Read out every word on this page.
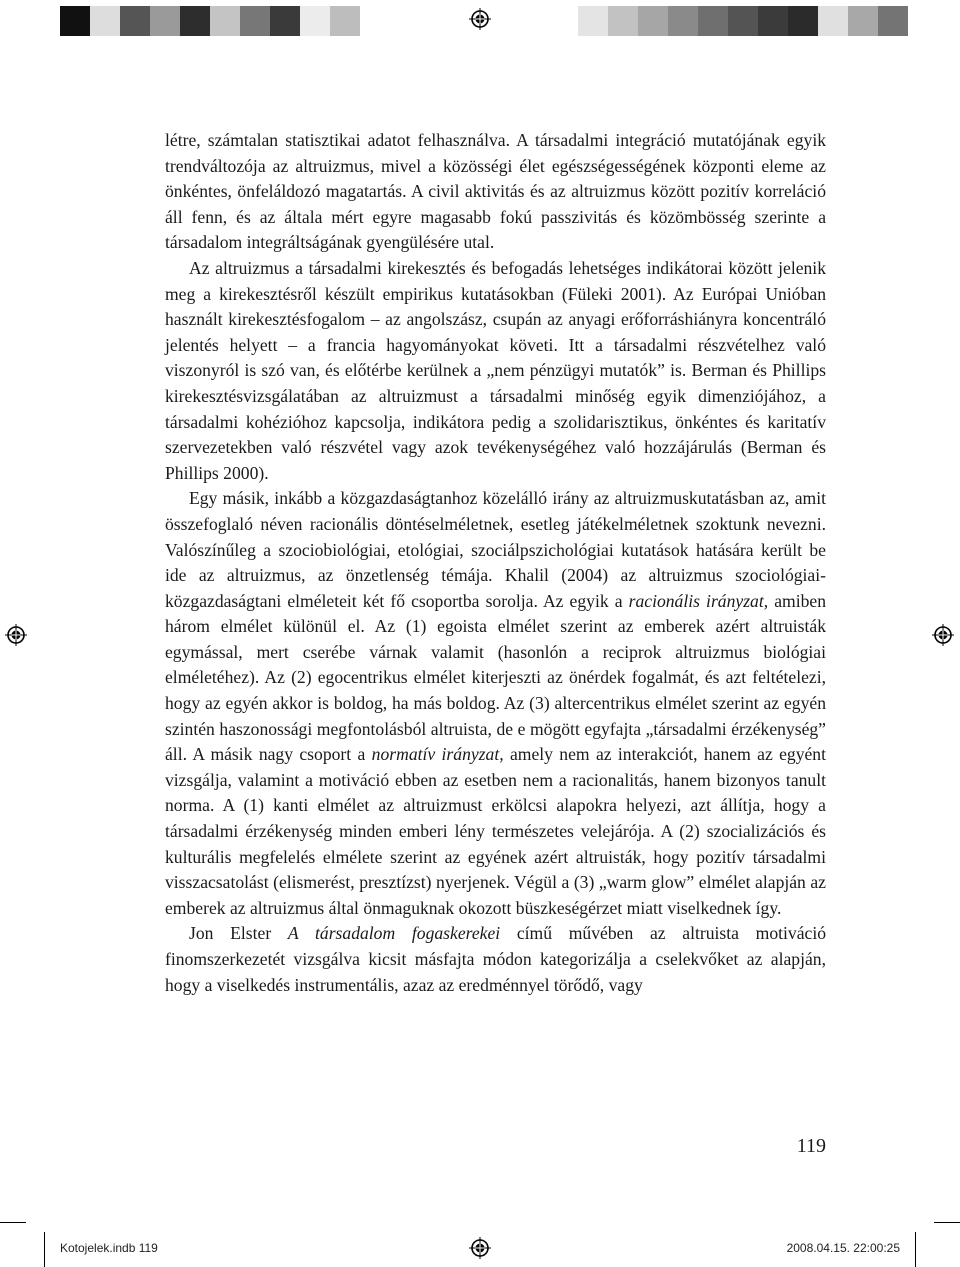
létre, számtalan statisztikai adatot felhasználva. A társadalmi integráció mutatójának egyik trendváltozója az altruizmus, mivel a közösségi élet egészségességének központi eleme az önkéntes, önfeláldozó magatartás. A civil aktivitás és az altruizmus között pozitív korreláció áll fenn, és az általa mért egyre magasabb fokú passzivitás és közömbösség szerinte a társadalom integráltságának gyengülésére utal.

Az altruizmus a társadalmi kirekesztés és befogadás lehetséges indikátorai között jelenik meg a kirekesztésről készült empirikus kutatásokban (Füleki 2001). Az Európai Unióban használt kirekesztésfogalom – az angolszász, csupán az anyagi erőforráshiányra koncentráló jelentés helyett – a francia hagyományokat követi. Itt a társadalmi részvételhez való viszonyról is szó van, és előtérbe kerülnek a „nem pénzügyi mutatók” is. Berman és Phillips kirekesztésvizsgálatában az altruizmust a társadalmi minőség egyik dimenziójához, a társadalmi kohézióhoz kapcsolja, indikátora pedig a szolidarisztikus, önkéntes és karitatív szervezetekben való részvétel vagy azok tevékenységéhez való hozzájárulás (Berman és Phillips 2000).

Egy másik, inkább a közgazdaságtanhoz közelálló irány az altruizmuskutatásban az, amit összefoglaló néven racionális döntéselméletnek, esetleg játékelméletnek szoktunk nevezni. Valószínűleg a szociobiológiai, etológiai, szociálpszichológiai kutatások hatására került be ide az altruizmus, az önzetlenség témája. Khalil (2004) az altruizmus szociológiai-közgazdaságtani elméleteit két fő csoportba sorolja. Az egyik a racionális irányzat, amiben három elmélet különül el. Az (1) egoista elmélet szerint az emberek azért altruisták egymással, mert cserébe várnak valamit (hasonlón a reciprok altruizmus biológiai elméletéhez). Az (2) egocentrikus elmélet kiterjeszti az önérdek fogalmát, és azt feltételezi, hogy az egyén akkor is boldog, ha más boldog. Az (3) altercentrikus elmélet szerint az egyén szintén haszonossági megfontolásból altruista, de e mögött egyfajta „társadalmi érzékenység” áll. A másik nagy csoport a normatív irányzat, amely nem az interakciót, hanem az egyént vizsgálja, valamint a motiváció ebben az esetben nem a racionalitás, hanem bizonyos tanult norma. A (1) kanti elmélet az altruizmust erkölcsi alapokra helyezi, azt állítja, hogy a társadalmi érzékenység minden emberi lény természetes velejárója. A (2) szocializációs és kulturális megfelelés elmélete szerint az egyének azért altruisták, hogy pozitív társadalmi visszacsatolást (elismerést, presztízst) nyerjenek. Végül a (3) „warm glow” elmélet alapján az emberek az altruizmus által önmaguknak okozott büszkeségérzet miatt viselkednek így.

Jon Elster A társadalom fogaskerekei című művében az altruista motiváció finomszerkezetét vizsgálva kicsit másfajta módon kategorizálja a cselekvőket az alapján, hogy a viselkedés instrumentális, azaz az eredménnyel törődő, vagy

119
Kotojelek.indb 119	2008.04.15. 22:00:25
